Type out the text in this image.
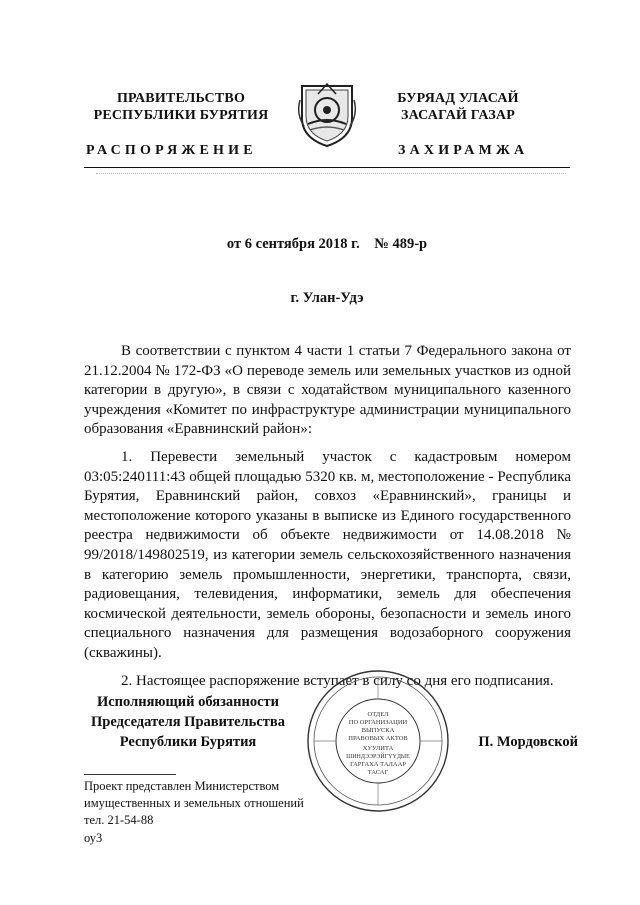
ПРАВИТЕЛЬСТВО
РЕСПУБЛИКИ БУРЯТИЯ
БУРЯАД УЛАСАЙ
ЗАСАГАЙ ГАЗАР
РАСПОРЯЖЕНИЕ	ЗАХИРАМЖА
от 6 сентября 2018 г.    № 489-р
г. Улан-Удэ

В соответствии с пунктом 4 части 1 статьи 7 Федерального закона от 21.12.2004 № 172-ФЗ «О переводе земель или земельных участков из одной категории в другую», в связи с ходатайством муниципального казенного учреждения «Комитет по инфраструктуре администрации муниципального образования «Еравнинский район»:

1. Перевести земельный участок с кадастровым номером 03:05:240111:43 общей площадью 5320 кв. м, местоположение - Республика Бурятия, Еравнинский район, совхоз «Еравнинский», границы и местоположение которого указаны в выписке из Единого государственного реестра недвижимости об объекте недвижимости от 14.08.2018 № 99/2018/149802519, из категории земель сельскохозяйственного назначения в категорию земель промышленности, энергетики, транспорта, связи, радиовещания, телевидения, информатики, земель для обеспечения космической деятельности, земель обороны, безопасности и земель иного специального назначения для размещения водозаборного сооружения (скважины).

2. Настоящее распоряжение вступает в силу со дня его подписания.

Исполняющий обязанности
Председателя Правительства
Республики Бурятия
ОТДЕЛ
ПО ОРГАНИЗАЦИИ
ВЫПУСКА
ПРАВОВЫХ АКТОВ
ХУУЛИТА
ШИНДЭЭРЭЙГҮҮДЫЕ
ГАРГАХА ТАЛААР
ТАСАГ
П. Мордовской
Проект представлен Министерством
имущественных и земельных отношений
тел. 21-54-88
оу3
